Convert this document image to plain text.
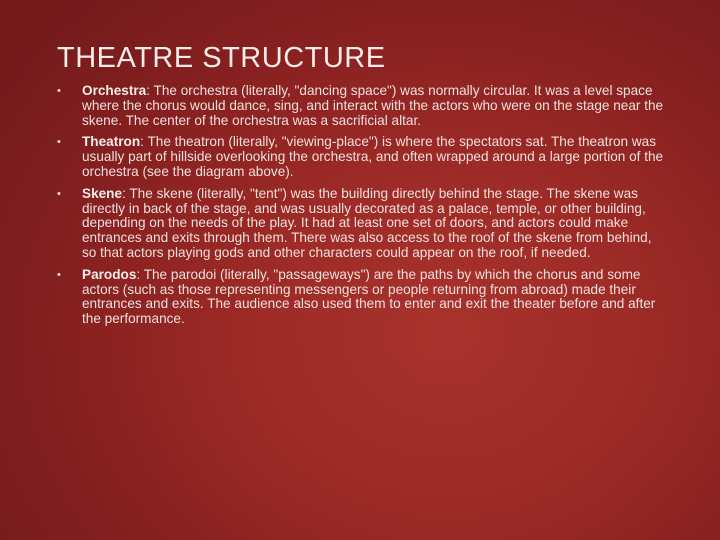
THEATRE STRUCTURE
• Orchestra: The orchestra (literally, "dancing space") was normally circular. It was a level space where the chorus would dance, sing, and interact with the actors who were on the stage near the skene. The center of the orchestra was a sacrificial altar.
• Theatron: The theatron (literally, "viewing-place") is where the spectators sat. The theatron was usually part of hillside overlooking the orchestra, and often wrapped around a large portion of the orchestra (see the diagram above).
• Skene: The skene (literally, "tent") was the building directly behind the stage. The skene was directly in back of the stage, and was usually decorated as a palace, temple, or other building, depending on the needs of the play. It had at least one set of doors, and actors could make entrances and exits through them. There was also access to the roof of the skene from behind, so that actors playing gods and other characters could appear on the roof, if needed.
• Parodos: The parodoi (literally, "passageways") are the paths by which the chorus and some actors (such as those representing messengers or people returning from abroad) made their entrances and exits. The audience also used them to enter and exit the theater before and after the performance.
